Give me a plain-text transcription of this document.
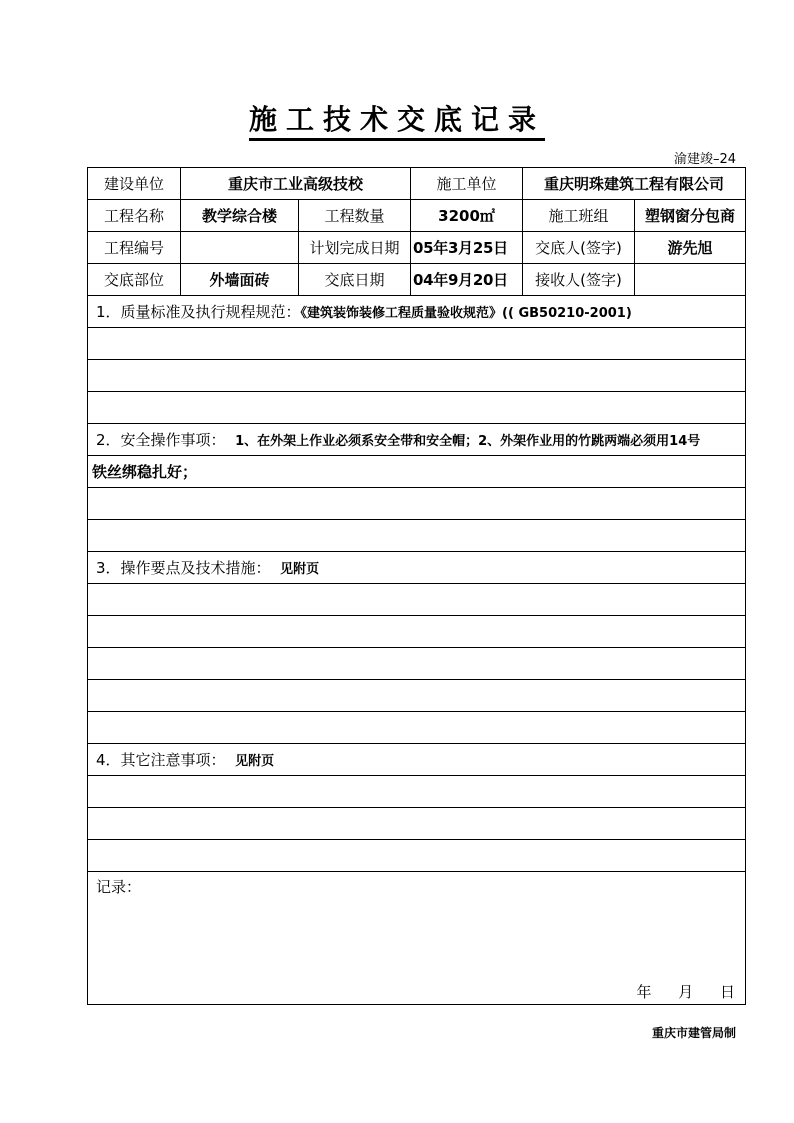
施工技术交底记录
渝建竣–24
建设单位	重庆市工业高级技校		施工单位	重庆明珠建筑工程有限公司	
工程名称	教学综合楼	工程数量	3200㎡	施工班组	塑钢窗分包商
工程编号		计划完成日期	05年3月25日	交底人(签字)	游先旭
交底部位	外墙面砖	交底日期	04年9月20日	接收人(签字)	
1．质量标准及执行规程规范：《建筑装饰装修工程质量验收规范》(( GB50210-2001)					

2．安全操作事项： 1、在外架上作业必须系安全带和安全帽；2、外架作业用的竹跳两端必须用14号					
铁丝绑稳扎好；					

3．操作要点及技术措施： 见附页					

4．其它注意事项： 见附页					

记录：
年 月 日					
重庆市建管局制
